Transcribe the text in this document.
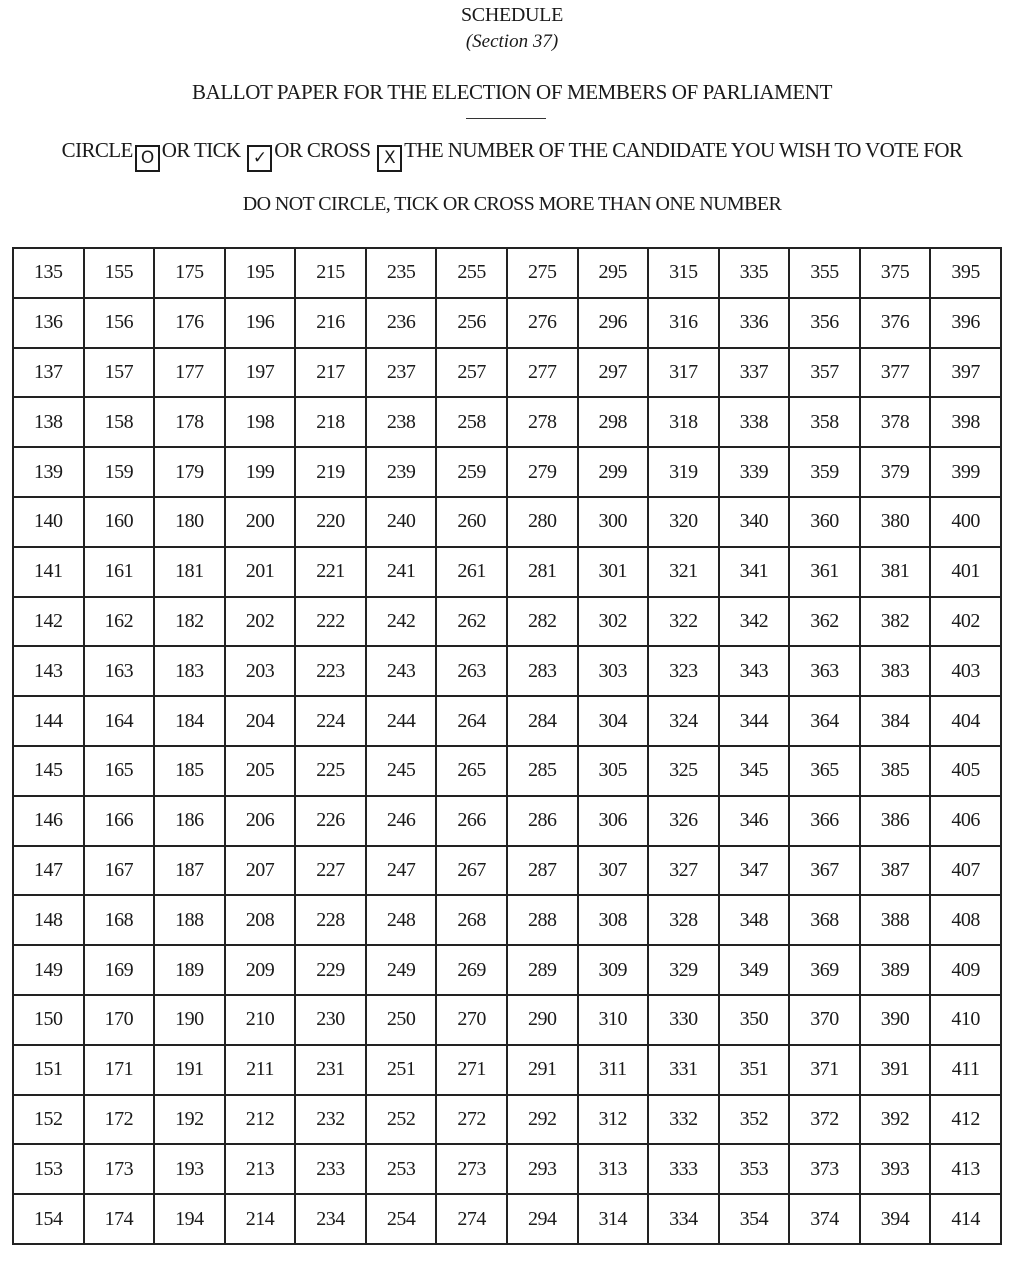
SCHEDULE
(Section 37)
BALLOT PAPER FOR THE ELECTION OF MEMBERS OF PARLIAMENT
CIRCLE O OR TICK ✓ OR CROSS X THE NUMBER OF THE CANDIDATE YOU WISH TO VOTE FOR
DO NOT CIRCLE, TICK OR CROSS MORE THAN ONE NUMBER
135	155	175	195	215	235	255	275	295	315	335	355	375	395
136	156	176	196	216	236	256	276	296	316	336	356	376	396
137	157	177	197	217	237	257	277	297	317	337	357	377	397
138	158	178	198	218	238	258	278	298	318	338	358	378	398
139	159	179	199	219	239	259	279	299	319	339	359	379	399
140	160	180	200	220	240	260	280	300	320	340	360	380	400
141	161	181	201	221	241	261	281	301	321	341	361	381	401
142	162	182	202	222	242	262	282	302	322	342	362	382	402
143	163	183	203	223	243	263	283	303	323	343	363	383	403
144	164	184	204	224	244	264	284	304	324	344	364	384	404
145	165	185	205	225	245	265	285	305	325	345	365	385	405
146	166	186	206	226	246	266	286	306	326	346	366	386	406
147	167	187	207	227	247	267	287	307	327	347	367	387	407
148	168	188	208	228	248	268	288	308	328	348	368	388	408
149	169	189	209	229	249	269	289	309	329	349	369	389	409
150	170	190	210	230	250	270	290	310	330	350	370	390	410
151	171	191	211	231	251	271	291	311	331	351	371	391	411
152	172	192	212	232	252	272	292	312	332	352	372	392	412
153	173	193	213	233	253	273	293	313	333	353	373	393	413
154	174	194	214	234	254	274	294	314	334	354	374	394	414
